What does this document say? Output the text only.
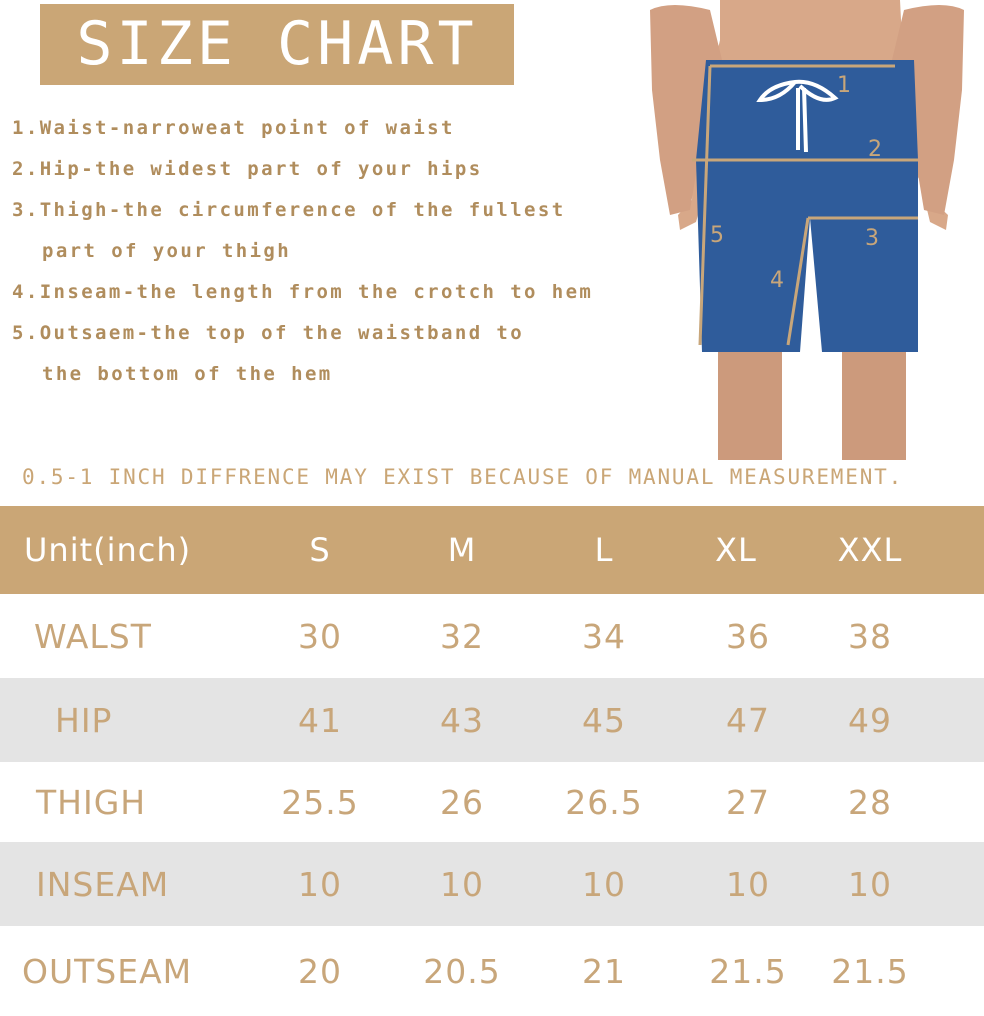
SIZE CHART
1.Waist-narroweat point of waist
2.Hip-the widest part of your hips
3.Thigh-the circumference of the fullest
part of your thigh
4.Inseam-the length from the crotch to hem
5.Outsaem-the top of the waistband to
the bottom of the hem
1
2
3
4
5
0.5-1 INCH DIFFRENCE MAY EXIST BECAUSE OF MANUAL MEASUREMENT.
Unit(inch)	S	M	L	XL	XXL
WALST	30	32	34	36	38
HIP	41	43	45	47	49
THIGH	25.5	26	26.5	27	28
INSEAM	10	10	10	10	10
OUTSEAM	20	20.5	21	21.5	21.5
